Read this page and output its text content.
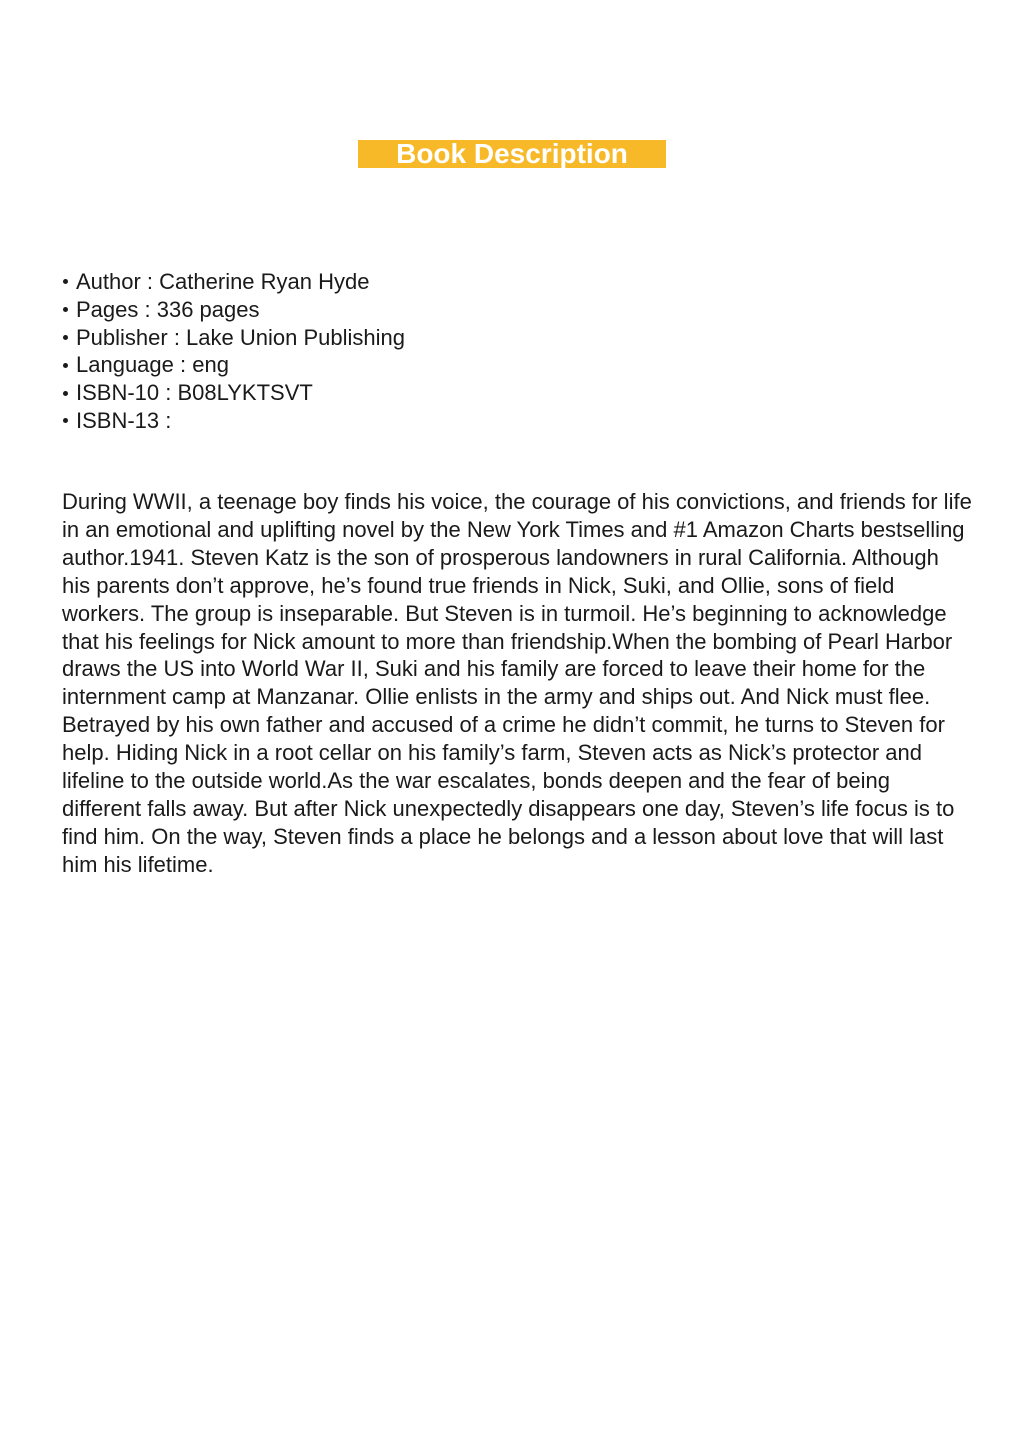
Book Description
Author : Catherine Ryan Hyde
Pages : 336 pages
Publisher : Lake Union Publishing
Language : eng
ISBN-10 : B08LYKTSVT
ISBN-13 :

During WWII, a teenage boy finds his voice, the courage of his convictions, and friends for life in an emotional and uplifting novel by the New York Times and #1 Amazon Charts bestselling author.1941. Steven Katz is the son of prosperous landowners in rural California. Although his parents don’t approve, he’s found true friends in Nick, Suki, and Ollie, sons of field workers. The group is inseparable. But Steven is in turmoil. He’s beginning to acknowledge that his feelings for Nick amount to more than friendship.When the bombing of Pearl Harbor draws the US into World War II, Suki and his family are forced to leave their home for the internment camp at Manzanar. Ollie enlists in the army and ships out. And Nick must flee. Betrayed by his own father and accused of a crime he didn’t commit, he turns to Steven for help. Hiding Nick in a root cellar on his family’s farm, Steven acts as Nick’s protector and lifeline to the outside world.As the war escalates, bonds deepen and the fear of being different falls away. But after Nick unexpectedly disappears one day, Steven’s life focus is to find him. On the way, Steven finds a place he belongs and a lesson about love that will last him his lifetime.
